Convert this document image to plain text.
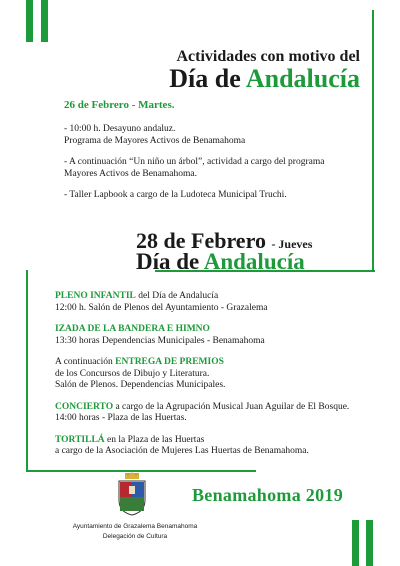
Actividades con motivo del
Día de Andalucía
26 de Febrero - Martes.

- 10:00 h. Desayuno andaluz.
Programa de Mayores Activos de Benamahoma

- A continuación “Un niño un árbol”, actividad a cargo del programa
Mayores Activos de Benamahoma.

- Taller Lapbook a cargo de la Ludoteca Municipal Truchi.

28 de Febrero - Jueves
Día de Andalucía
PLENO INFANTIL del Día de Andalucía
12:00 h. Salón de Plenos del Ayuntamiento - Grazalema
IZADA DE LA BANDERA E HIMNO
13:30 horas Dependencias Municipales - Benamahoma
A continuación ENTREGA DE PREMIOS
de los Concursos de Dibujo y Literatura.
Salón de Plenos. Dependencias Municipales.
CONCIERTO a cargo de la Agrupación Musical Juan Aguilar de El Bosque.
14:00 horas - Plaza de las Huertas.
TORTILLÁ en la Plaza de las Huertas
a cargo de la Asociación de Mujeres Las Huertas de Benamahoma.
Ayuntamiento de Grazalema Benamahoma
Delegación de Cultura
Benamahoma 2019
